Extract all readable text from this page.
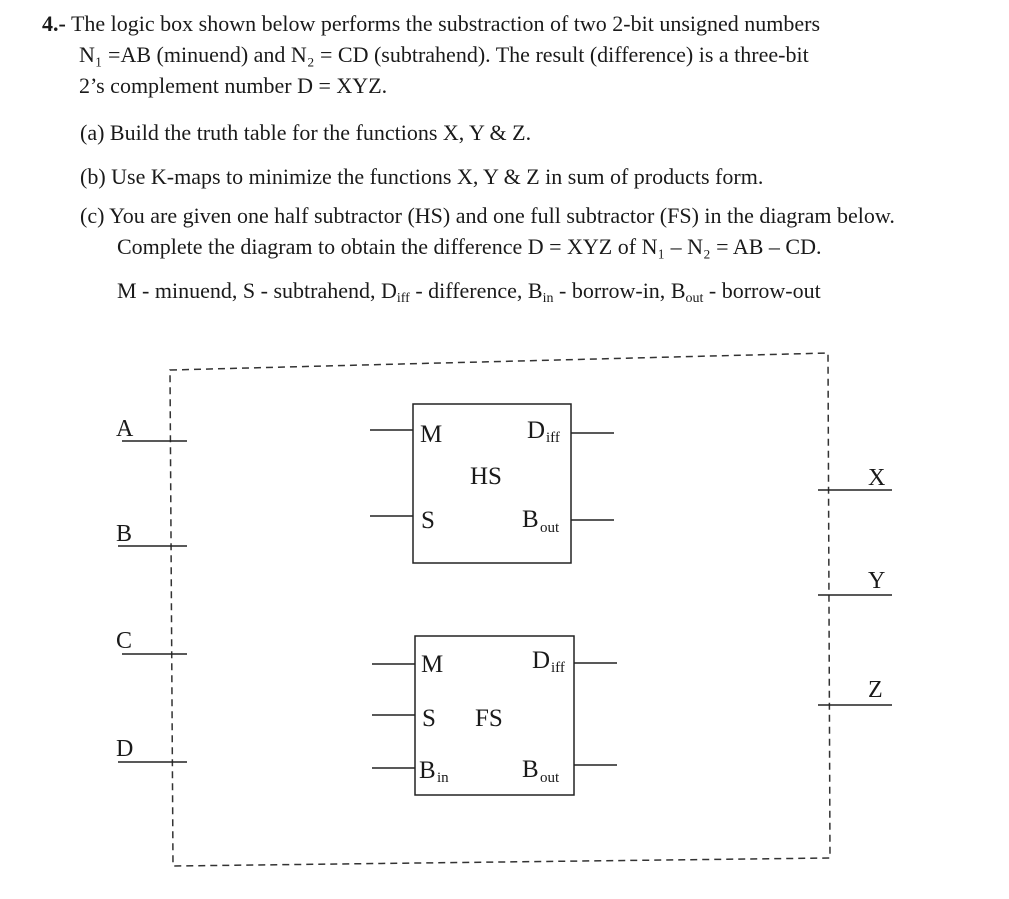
4.- The logic box shown below performs the substraction of two 2-bit unsigned numbers
N₁ =AB (minuend) and N₂ = CD (subtrahend). The result (difference) is a three-bit
2’s complement number D = XYZ.
(a) Build the truth table for the functions X, Y & Z.
(b) Use K-maps to minimize the functions X, Y & Z in sum of products form.
(c) You are given one half subtractor (HS) and one full subtractor (FS) in the diagram below.
Complete the diagram to obtain the difference D = XYZ of N₁ – N₂ = AB – CD.
M - minuend, S - subtrahend, $D_{iff}$ - difference, $B_{in}$ - borrow-in, $B_{out}$ - borrow-out
A
B
C
D
X
Y
Z
M
S
HS
D iff
B out
M
S FS
B in
D iff
B out
